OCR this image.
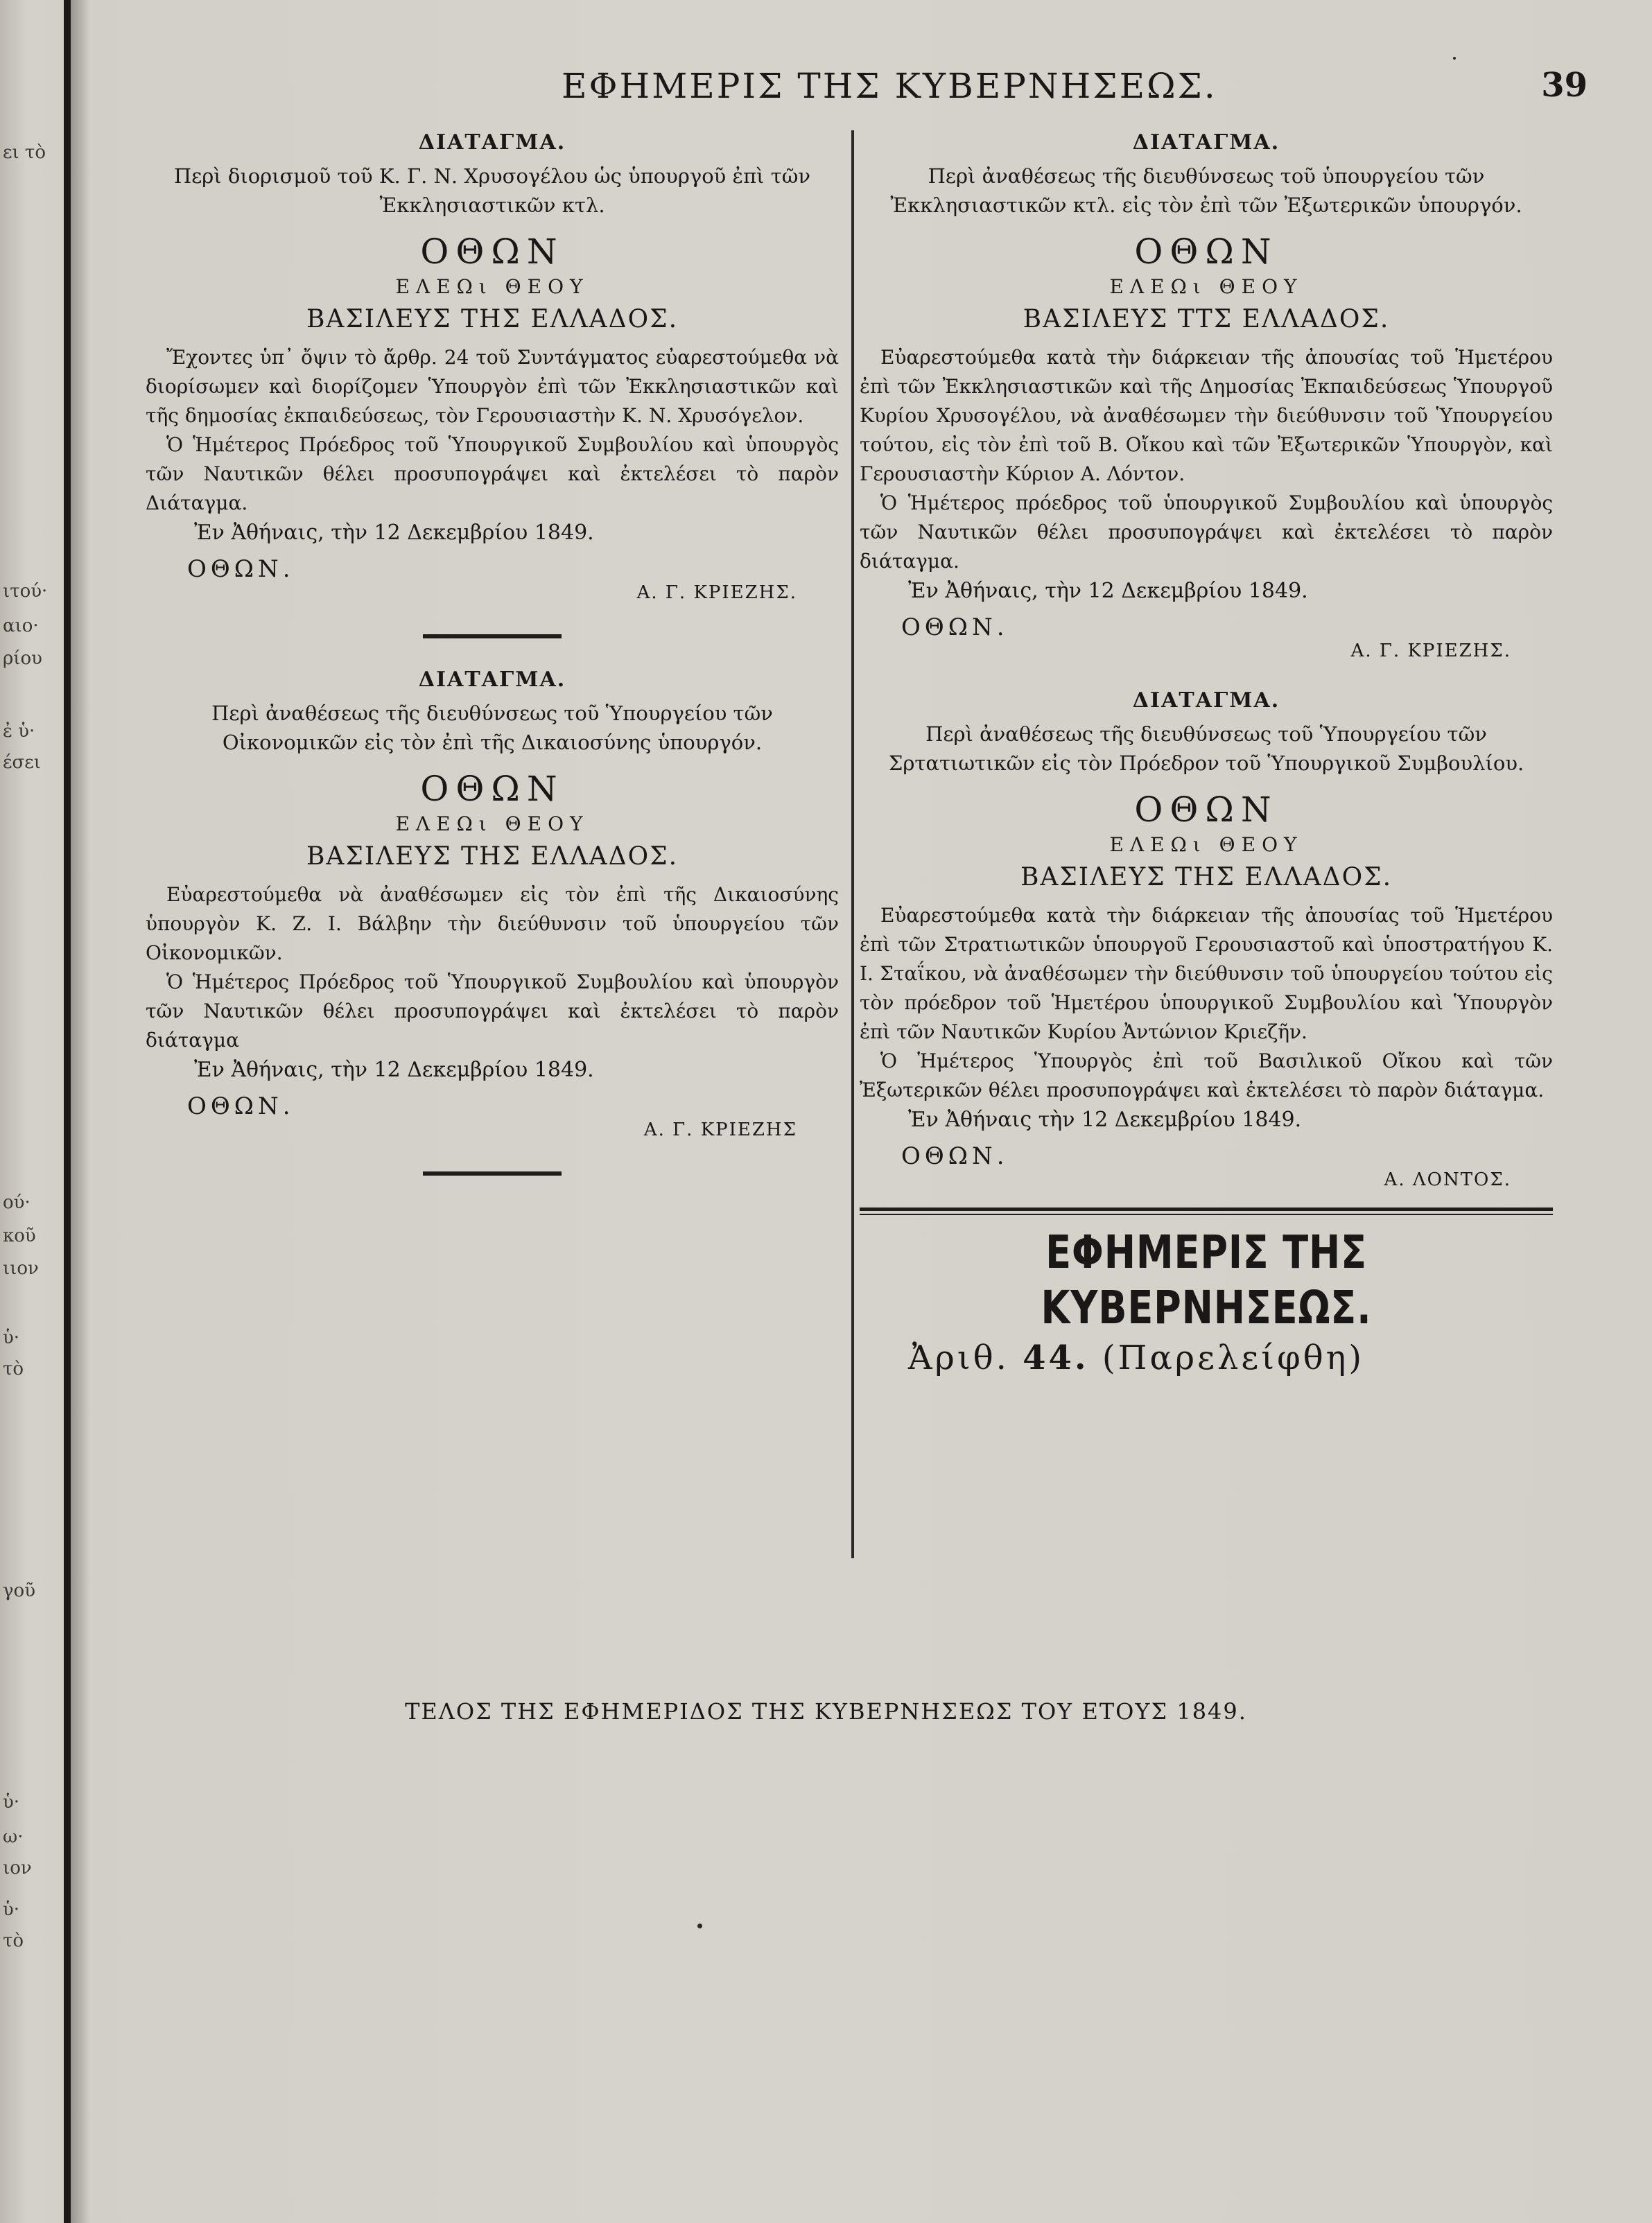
ει τὸ
ιτού·
αιο·
ρίου
ἐ ὑ·
έσει
ού·
κοῦ
ιιον
ὑ·
τὸ
γοῦ
ὑ·
ω·
ιον
ὑ·
τὸ
ΕΦΗΜΕΡΙΣ ΤΗΣ ΚΥΒΕΡΝΗΣΕΩΣ.	39

ΔΙΑΤΑΓΜΑ.

Περὶ διορισμοῦ τοῦ Κ. Γ. Ν. Χρυσογέλου ὡς ὑπουργοῦ ἐπὶ τῶν Ἐκκλησιαστικῶν κτλ.

ΟΘΩΝ

ΕΛΕΩι ΘΕΟΥ

ΒΑΣΙΛΕΥΣ ΤΗΣ ΕΛΛΑΔΟΣ.

Ἔχοντες ὑπ᾽ ὄψιν τὸ ἄρθρ. 24 τοῦ Συντάγματος εὐαρεστούμεθα νὰ διορίσωμεν καὶ διορίζομεν Ὑπουργὸν ἐπὶ τῶν Ἐκκλησιαστικῶν καὶ τῆς δημοσίας ἐκπαιδεύσεως, τὸν Γερουσιαστὴν Κ. Ν. Χρυσόγελον.

Ὁ Ἡμέτερος Πρόεδρος τοῦ Ὑπουργικοῦ Συμβουλίου καὶ ὑπουργὸς τῶν Ναυτικῶν θέλει προσυπογράψει καὶ ἐκτελέσει τὸ παρὸν Διάταγμα.

Ἐν Ἀθήναις, τὴν 12 Δεκεμβρίου 1849.

ΟΘΩΝ.

Α. Γ. ΚΡΙΕΖΗΣ.

ΔΙΑΤΑΓΜΑ.

Περὶ ἀναθέσεως τῆς διευθύνσεως τοῦ Ὑπουργείου τῶν Οἰκονομικῶν εἰς τὸν ἐπὶ τῆς Δικαιοσύνης ὑπουργόν.

ΟΘΩΝ

ΕΛΕΩι ΘΕΟΥ

ΒΑΣΙΛΕΥΣ ΤΗΣ ΕΛΛΑΔΟΣ.

Εὐαρεστούμεθα νὰ ἀναθέσωμεν εἰς τὸν ἐπὶ τῆς Δικαιοσύνης ὑπουργὸν Κ. Ζ. Ι. Βάλβην τὴν διεύθυνσιν τοῦ ὑπουργείου τῶν Οἰκονομικῶν.

Ὁ Ἡμέτερος Πρόεδρος τοῦ Ὑπουργικοῦ Συμβουλίου καὶ ὑπουργὸν τῶν Ναυτικῶν θέλει προσυπογράψει καὶ ἐκτελέσει τὸ παρὸν διάταγμα

Ἐν Ἀθήναις, τὴν 12 Δεκεμβρίου 1849.

ΟΘΩΝ.

Α. Γ. ΚΡΙΕΖΗΣ

ΔΙΑΤΑΓΜΑ.

Περὶ ἀναθέσεως τῆς διευθύνσεως τοῦ ὑπουργείου τῶν Ἐκκλησιαστικῶν κτλ. εἰς τὸν ἐπὶ τῶν Ἐξωτερικῶν ὑπουργόν.

ΟΘΩΝ

ΕΛΕΩι ΘΕΟΥ

ΒΑΣΙΛΕΥΣ ΤΤΣ ΕΛΛΑΔΟΣ.

Εὐαρεστούμεθα κατὰ τὴν διάρκειαν τῆς ἀπουσίας τοῦ Ἡμετέρου ἐπὶ τῶν Ἐκκλησιαστικῶν καὶ τῆς Δημοσίας Ἐκπαιδεύσεως Ὑπουργοῦ Κυρίου Χρυσογέλου, νὰ ἀναθέσωμεν τὴν διεύθυνσιν τοῦ Ὑπουργείου τούτου, εἰς τὸν ἐπὶ τοῦ Β. Οἴκου καὶ τῶν Ἐξωτερικῶν Ὑπουργὸν, καὶ Γερουσιαστὴν Κύριον Α. Λόντον.

Ὁ Ἡμέτερος πρόεδρος τοῦ ὑπουργικοῦ Συμβουλίου καὶ ὑπουργὸς τῶν Ναυτικῶν θέλει προσυπογράψει καὶ ἐκτελέσει τὸ παρὸν διάταγμα.

Ἐν Ἀθήναις, τὴν 12 Δεκεμβρίου 1849.

ΟΘΩΝ.

Α. Γ. ΚΡΙΕΖΗΣ.

ΔΙΑΤΑΓΜΑ.

Περὶ ἀναθέσεως τῆς διευθύνσεως τοῦ Ὑπουργείου τῶν Σρτατιωτικῶν εἰς τὸν Πρόεδρον τοῦ Ὑπουργικοῦ Συμβουλίου.

ΟΘΩΝ

ΕΛΕΩι ΘΕΟΥ

ΒΑΣΙΛΕΥΣ ΤΗΣ ΕΛΛΑΔΟΣ.

Εὐαρεστούμεθα κατὰ τὴν διάρκειαν τῆς ἀπουσίας τοῦ Ἡμετέρου ἐπὶ τῶν Στρατιωτικῶν ὑπουργοῦ Γερουσιαστοῦ καὶ ὑποστρατήγου Κ. Ι. Σταΐκου, νὰ ἀναθέσωμεν τὴν διεύθυνσιν τοῦ ὑπουργείου τούτου εἰς τὸν πρόεδρον τοῦ Ἡμετέρου ὑπουργικοῦ Συμβουλίου καὶ Ὑπουργὸν ἐπὶ τῶν Ναυτικῶν Κυρίου Ἀντώνιον Κριεζῆν.

Ὁ Ἡμέτερος Ὑπουργὸς ἐπὶ τοῦ Βασιλικοῦ Οἴκου καὶ τῶν Ἐξωτερικῶν θέλει προσυπογράψει καὶ ἐκτελέσει τὸ παρὸν διάταγμα.

Ἐν Ἀθήναις τὴν 12 Δεκεμβρίου 1849.

ΟΘΩΝ.

Α. ΛΟΝΤΟΣ.

ΕΦΗΜΕΡΙΣ ΤΗΣ ΚΥΒΕΡΝΗΣΕΩΣ.

Ἀριθ. 44. (Παρελείφθη)

ΤΕΛΟΣ ΤΗΣ ΕΦΗΜΕΡΙΔΟΣ ΤΗΣ ΚΥΒΕΡΝΗΣΕΩΣ ΤΟΥ ΕΤΟΥΣ 1849.
